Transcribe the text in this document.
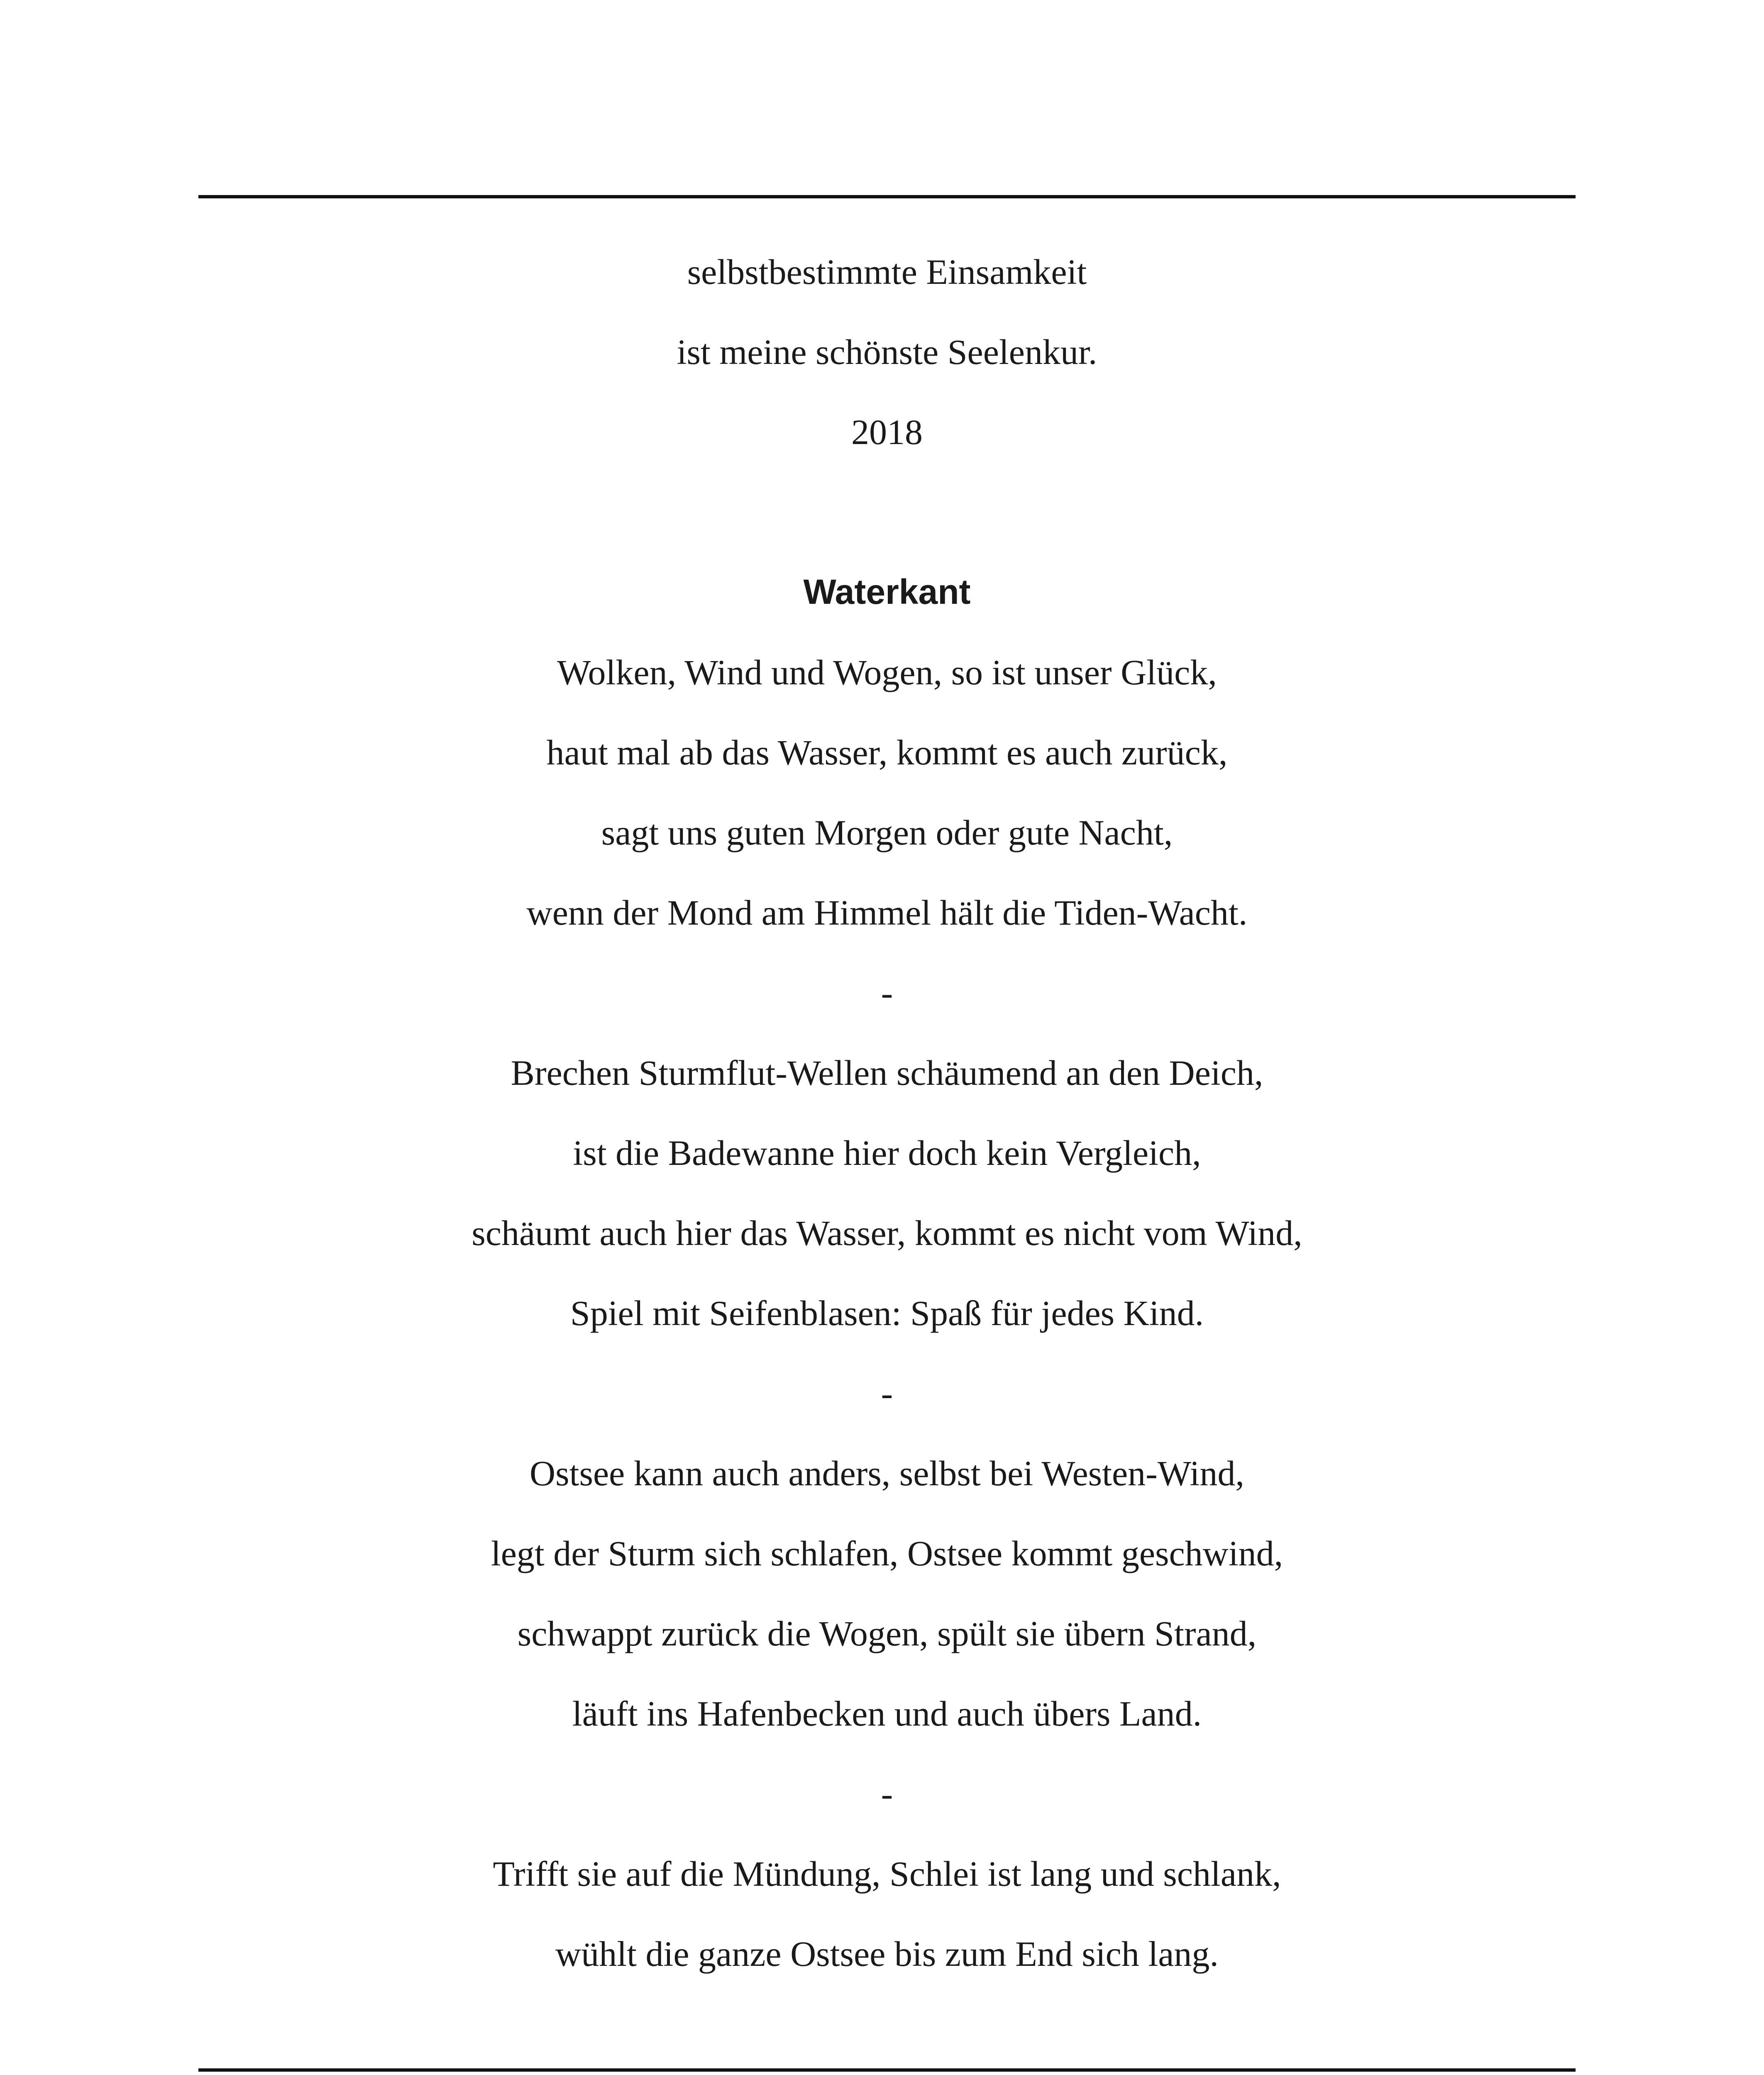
selbstbestimmte Einsamkeit
ist meine schönste Seelenkur.
2018
Waterkant
Wolken, Wind und Wogen, so ist unser Glück,
haut mal ab das Wasser, kommt es auch zurück,
sagt uns guten Morgen oder gute Nacht,
wenn der Mond am Himmel hält die Tiden-Wacht.
-
Brechen Sturmflut-Wellen schäumend an den Deich,
ist die Badewanne hier doch kein Vergleich,
schäumt auch hier das Wasser, kommt es nicht vom Wind,
Spiel mit Seifenblasen: Spaß für jedes Kind.
-
Ostsee kann auch anders, selbst bei Westen-Wind,
legt der Sturm sich schlafen, Ostsee kommt geschwind,
schwappt zurück die Wogen, spült sie übern Strand,
läuft ins Hafenbecken und auch übers Land.
-
Trifft sie auf die Mündung, Schlei ist lang und schlank,
wühlt die ganze Ostsee bis zum End sich lang.
